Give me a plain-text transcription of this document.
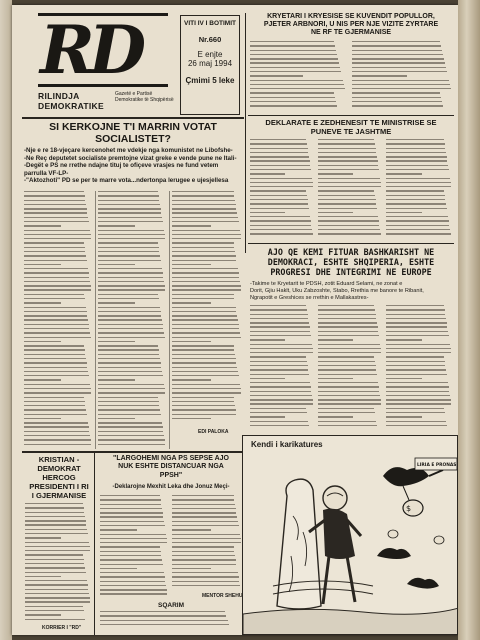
RD
RILINDJA
DEMOKRATIKE
Gazetë e Partisë Demokratike të Shqipërisë
VITI IV I BOTIMIT
Nr.660
E enjte
26 maj 1994
Çmimi 5 leke
SI KERKOJNE T'I MARRIN VOTAT
SOCIALISTET?
-Nje e re 18-vjeçare kercenohet me vdekje nga komunistet ne Libofshe-
-Ne Reç deputetet socialiste premtojne vizat greke e vende pune ne Itali-
-Degët e PS ne rrethe ndajne tituj te ofiçeve vrasjes ne fund vetem
parrulla VF-LP-
-"Aktozhoti" PD se per te marre vota...ndertonpa lerugee e ujesjellesa
EDI PALOKA
KRYETARI I KRYESISE SE KUVENDIT POPULLOR,
PJETER ARBNORI, U NIS PER NJE VIZITE ZYRTARE
NE RF TE GJERMANISE
DEKLARATE E ZEDHENESIT TE MINISTRISE SE
PUNEVE TE JASHTME
AJO QE KEMI FITUAR BASHKARISHT NE
DEMOKRACI, ESHTE SHQIPERIA, ESHTE
PROGRESI DHE INTEGRIMI NE EUROPE
-Takime te Kryetarit te PDSH, zotit Eduard Selami, ne zonat e
Dorit, Gjiu Haklt, Uku Zabzoshte, Stabo, Rrethia me banore te Ribanit,
Ngrapotit e Greshices se rrethin e Mallakastres-
KRISTIAN -
DEMOKRAT
HERCOG
PRESIDENTI I RI
I GJERMANISE
KORRIER I "RD"
"LARGOHEMI NGA PS SEPSE AJO
NUK ESHTE DISTANCUAR NGA
PPSH"
-Deklarojne Mexhit Leka dhe Jonuz Meçi-
MENTOR SHEHU
SQARIM
Kendi i karikatures
$
LIRIA E PRONAS
